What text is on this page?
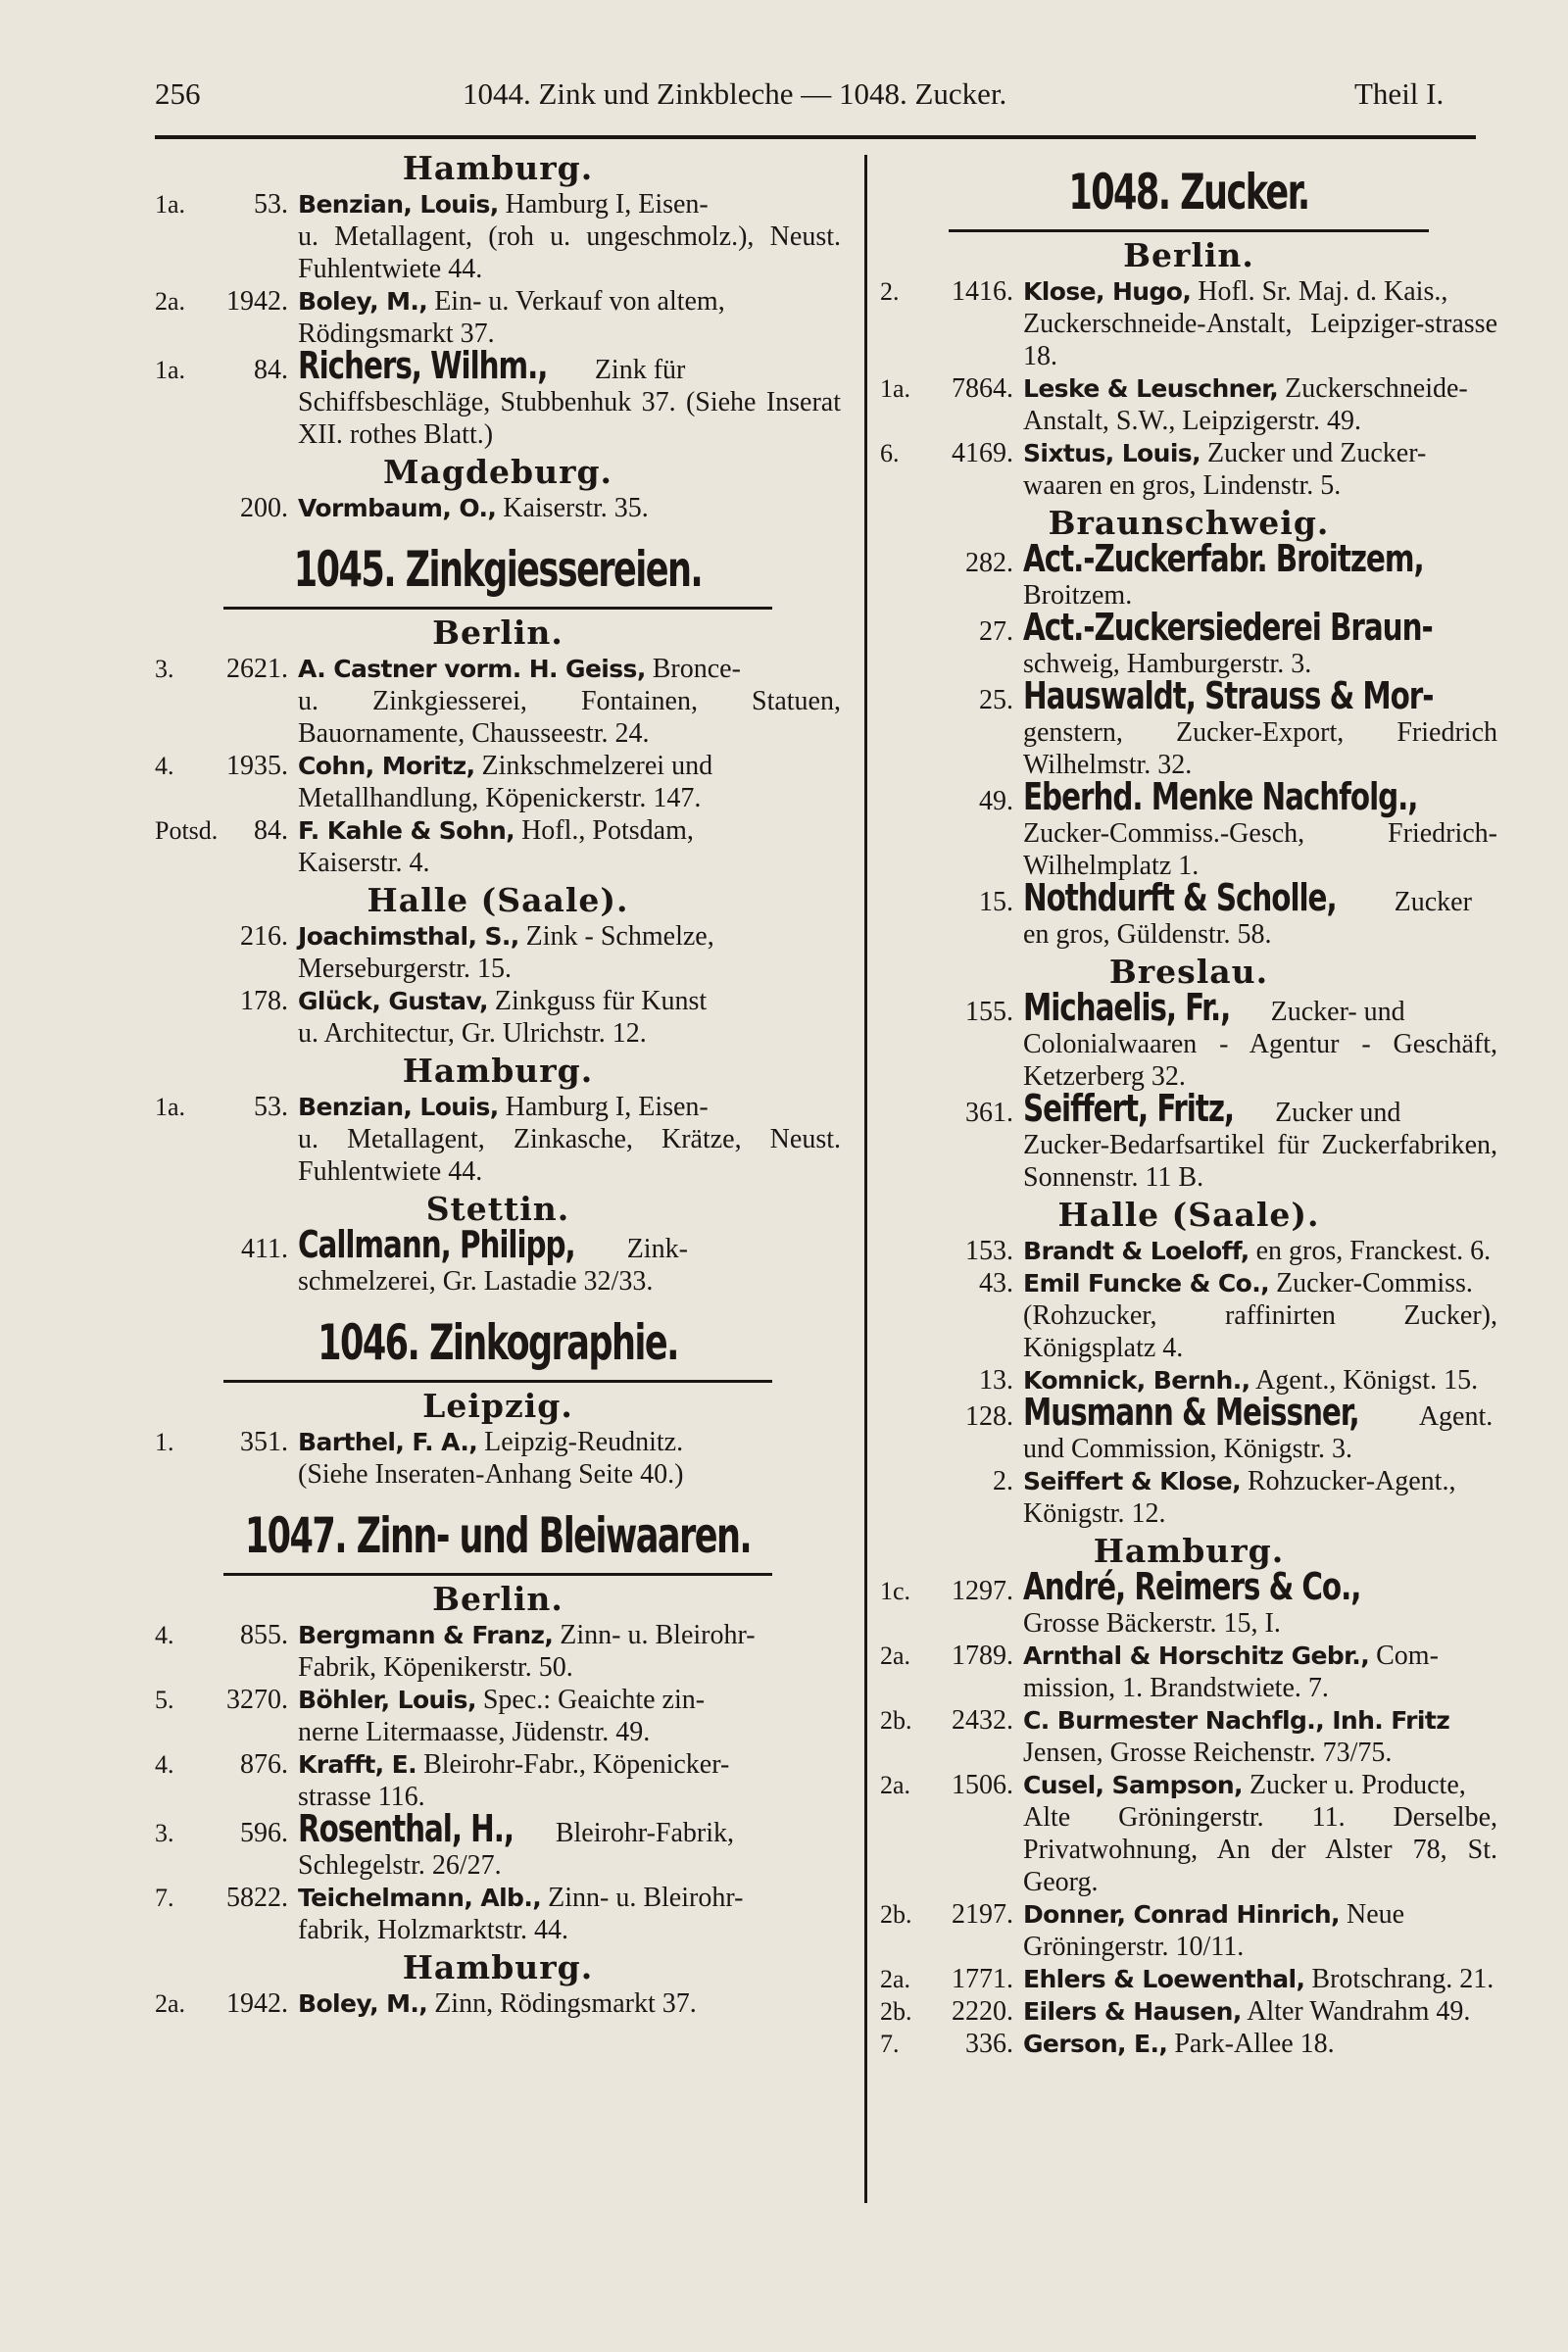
256	1044. Zink und Zinkbleche — 1048. Zucker.	Theil I.
Hamburg.
1a. 53. Benzian, Louis, Hamburg I, Eisen-
u. Metallagent, (roh u. ungeschmolz.), Neust. Fuhlentwiete 44.
2a. 1942. Boley, M., Ein- u. Verkauf von altem,
Rödingsmarkt 37.
1a. 84. Richers, Wilhm., Zink für
Schiffsbeschläge, Stubbenhuk 37. (Siehe Inserat XII. rothes Blatt.)
Magdeburg.
200. Vormbaum, O., Kaiserstr. 35.
1045. Zinkgiessereien.
Berlin.
3. 2621. A. Castner vorm. H. Geiss, Bronce-
u. Zinkgiesserei, Fontainen, Statuen, Bauornamente, Chausseestr. 24.
4. 1935. Cohn, Moritz, Zinkschmelzerei und
Metallhandlung, Köpenickerstr. 147.
Potsd. 84. F. Kahle & Sohn, Hofl., Potsdam,
Kaiserstr. 4.
Halle (Saale).
216. Joachimsthal, S., Zink - Schmelze,
Merseburgerstr. 15.
178. Glück, Gustav, Zinkguss für Kunst
u. Architectur, Gr. Ulrichstr. 12.
Hamburg.
1a. 53. Benzian, Louis, Hamburg I, Eisen-
u. Metallagent, Zinkasche, Krätze, Neust. Fuhlentwiete 44.
Stettin.
411. Callmann, Philipp, Zink-
schmelzerei, Gr. Lastadie 32/33.
1046. Zinkographie.
Leipzig.
1. 351. Barthel, F. A., Leipzig-Reudnitz.
(Siehe Inseraten-Anhang Seite 40.)
1047. Zinn- und Bleiwaaren.
Berlin.
4. 855. Bergmann & Franz, Zinn- u. Bleirohr-
Fabrik, Köpenikerstr. 50.
5. 3270. Böhler, Louis, Spec.: Geaichte zin-
nerne Litermaasse, Jüdenstr. 49.
4. 876. Krafft, E. Bleirohr-Fabr., Köpenicker-
strasse 116.
3. 596. Rosenthal, H., Bleirohr-Fabrik,
Schlegelstr. 26/27.
7. 5822. Teichelmann, Alb., Zinn- u. Bleirohr-
fabrik, Holzmarktstr. 44.
Hamburg.
2a. 1942. Boley, M., Zinn, Rödingsmarkt 37.
1048. Zucker.
Berlin.
2. 1416. Klose, Hugo, Hofl. Sr. Maj. d. Kais.,
Zuckerschneide-Anstalt, Leipziger-strasse 18.
1a. 7864. Leske & Leuschner, Zuckerschneide-
Anstalt, S.W., Leipzigerstr. 49.
6. 4169. Sixtus, Louis, Zucker und Zucker-
waaren en gros, Lindenstr. 5.
Braunschweig.
282. Act.-Zuckerfabr. Broitzem,
Broitzem.
27. Act.-Zuckersiederei Braun-
schweig, Hamburgerstr. 3.
25. Hauswaldt, Strauss & Mor-
genstern, Zucker-Export, Friedrich Wilhelmstr. 32.
49. Eberhd. Menke Nachfolg.,
Zucker-Commiss.-Gesch, Friedrich-Wilhelmplatz 1.
15. Nothdurft & Scholle, Zucker
en gros, Güldenstr. 58.
Breslau.
155. Michaelis, Fr., Zucker- und
Colonialwaaren - Agentur - Geschäft, Ketzerberg 32.
361. Seiffert, Fritz, Zucker und
Zucker-Bedarfsartikel für Zuckerfabriken, Sonnenstr. 11 B.
Halle (Saale).
153. Brandt & Loeloff, en gros, Franckest. 6.
43. Emil Funcke & Co., Zucker-Commiss.
(Rohzucker, raffinirten Zucker), Königsplatz 4.
13. Komnick, Bernh., Agent., Königst. 15.
128. Musmann & Meissner, Agent.
und Commission, Königstr. 3.
2. Seiffert & Klose, Rohzucker-Agent.,
Königstr. 12.
Hamburg.
1c. 1297. André, Reimers & Co.,
Grosse Bäckerstr. 15, I.
2a. 1789. Arnthal & Horschitz Gebr., Com-
mission, 1. Brandstwiete. 7.
2b. 2432. C. Burmester Nachflg., Inh. Fritz
Jensen, Grosse Reichenstr. 73/75.
2a. 1506. Cusel, Sampson, Zucker u. Producte,
Alte Gröningerstr. 11. Derselbe, Privatwohnung, An der Alster 78, St. Georg.
2b. 2197. Donner, Conrad Hinrich, Neue
Gröningerstr. 10/11.
2a. 1771. Ehlers & Loewenthal, Brotschrang. 21.
2b. 2220. Eilers & Hausen, Alter Wandrahm 49.
7. 336. Gerson, E., Park-Allee 18.
